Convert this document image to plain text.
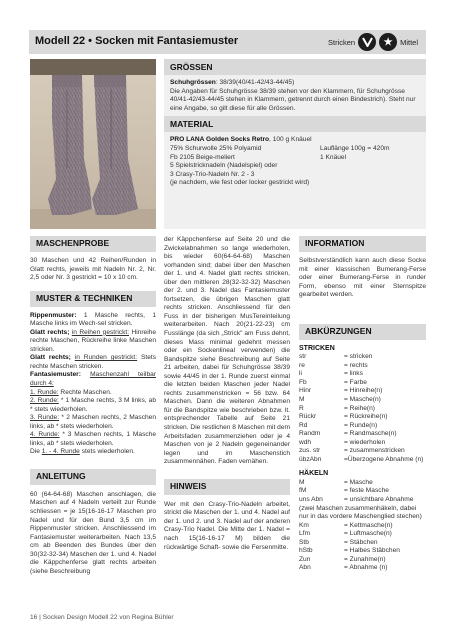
Modell 22 • Socken mit Fantasiemuster	Stricken	★	Mittel
GRÖSSEN
Schuhgrössen: 38/39(40/41-42/43-44/45)
Die Angaben für Schuhgrösse 38/39 stehen vor den Klammern, für Schuhgrösse 40/41-42/43-44/45 stehen in Klammern, getrennt durch einen Bindestrich). Steht nur eine Angabe, so gilt diese für alle Grössen.
MATERIAL
PRO LANA Golden Socks Retro, 100 g Knäuel
75% Schurwolle 25% Polyamid
Fb 2105 Beige-meliert
Lauflänge 100g = 420m
1 Knäuel
5 Spielstricknadeln (Nadelspiel) oder
3 Crasy-Trio-Nadeln Nr. 2 - 3
(je nachdem, wie fest oder locker gestrickt wird)
MASCHENPROBE

30 Maschen und 42 Reihen/Runden in Glatt rechts, jeweils mit Nadeln Nr. 2, Nr. 2,5 oder Nr. 3 gestrickt = 10 x 10 cm.

MUSTER & TECHNIKEN

Rippenmuster: 1 Masche rechts, 1 Masche links im Wech-sel stricken.

Glatt rechts; in Reihen gestrickt: Hinreihe rechte Maschen, Rückreihe linke Maschen stricken.

Glatt rechts; in Runden gestrickt: Stets rechte Maschen stricken.

Fantasiemuster: Maschenzahl teilbar durch 4:

1. Runde: Rechte Maschen.

2. Runde: * 1 Masche rechts, 3 M links, ab * stets wiederholen.

3. Runde: * 2 Maschen rechts, 2 Maschen links, ab * stets wiederholen.

4. Runde: * 3 Maschen rechts, 1 Masche links, ab * stets wiederholen.

Die 1. - 4. Runde stets wiederholen.

ANLEITUNG

60 (64-64-68) Maschen anschlagen, die Maschen auf 4 Nadeln verteilt zur Runde schliessen = je 15(16-16-17 Maschen pro Nadel und für den Bund 3,5 cm im Rippenmuster stricken. Anschliessend im Fantasiemuster weiterarbeiten. Nach 13,5 cm ab Beenden des Bundes über den 30(32-32-34) Maschen der 1. und 4. Nadel die Käppchenferse glatt rechts arbeiten (siehe Beschreibung

der Käppchenferse auf Seite 20 und die Zwickelabnahmen so lange wiederholen, bis wieder 60(64-64-68) Maschen vorhanden sind; dabei über den Maschen der 1. und 4. Nadel glatt rechts stricken, über den mittleren 28(32-32-32) Maschen der 2. und 3. Nadel das Fantasiemuster fortsetzen, die übrigen Maschen glatt rechts stricken. Anschliessend für den Fuss in der bisherigen MusTereinteilung weiterarbeiten. Nach 20(21-22-23) cm Fusslänge (da sich „Strick" am Fuss dehnt, dieses Mass minimal gedehnt messen oder ein Sockenlineal verwenden) die Bandspitze siehe Beschreibung auf Seite 21 arbeiten, dabei für Schuhgrösse 38/39 sowie 44/45 in der 1. Runde zuerst einmal die letzten beiden Maschen jeder Nadel rechts zusammenstricken = 56 bzw. 64 Maschen. Dann die weiteren Abnahmen für die Bandspitze wie beschrieben bzw. lt. entsprechender Tabelle auf Seite 21 stricken. Die restlichen 8 Maschen mit dem Arbeitsfaden zusammenziehen oder je 4 Maschen von je 2 Nadeln gegeneinander legen und im Maschenstich zusammennähen. Faden vernähen.

HINWEIS

Wer mit den Crasy-Trio-Nadeln arbeitet, strickt die Maschen der 1. und 4. Nadel auf der 1. und 2. und 3. Nadel auf der anderen Crasy-Trio Nadel. Die Mitte der 1. Nadel = nach 15(16-16-17 M) bilden die rückwärtige Schaft- sowie die Fersenmitte.

INFORMATION

Selbstverständlich kann auch diese Socke mit einer klassischen Bumerang-Ferse oder einer Bumerang-Ferse in runder Form, ebenso mit einer Sternspitze gearbeitet werden.

ABKÜRZUNGEN
STRICKEN
str	= stricken
re	= rechts
li	= links
Fb	= Farbe
Hinr	= Hinreihe(n)
M	= Masche(n)
R	= Reihe(n)
Rückr	= Rückreihe(n)
Rd	= Runde(n)
Randm	= Randmasche(n)
wdh	= wiederholen
zus. str	= zusammenstricken
übzAbn	=Überzogene Abnahme (n)
HÄKELN
M	= Masche
fM	= feste Masche
uns Abn	= unsichtbare Abnahme

(zwei Maschen zusammenhäkeln, dabei nur in das vordere Maschenglied stechen)

Km	= Kettmasche(n)
Lfm	= Luftmasche(n)
Stb	= Stäbchen
hStb	= Halbes Stäbchen
Zun	= Zunahme(n)
Abn	= Abnahme (n)
16 | Socken Design Modell 22 von Regina Bühler
